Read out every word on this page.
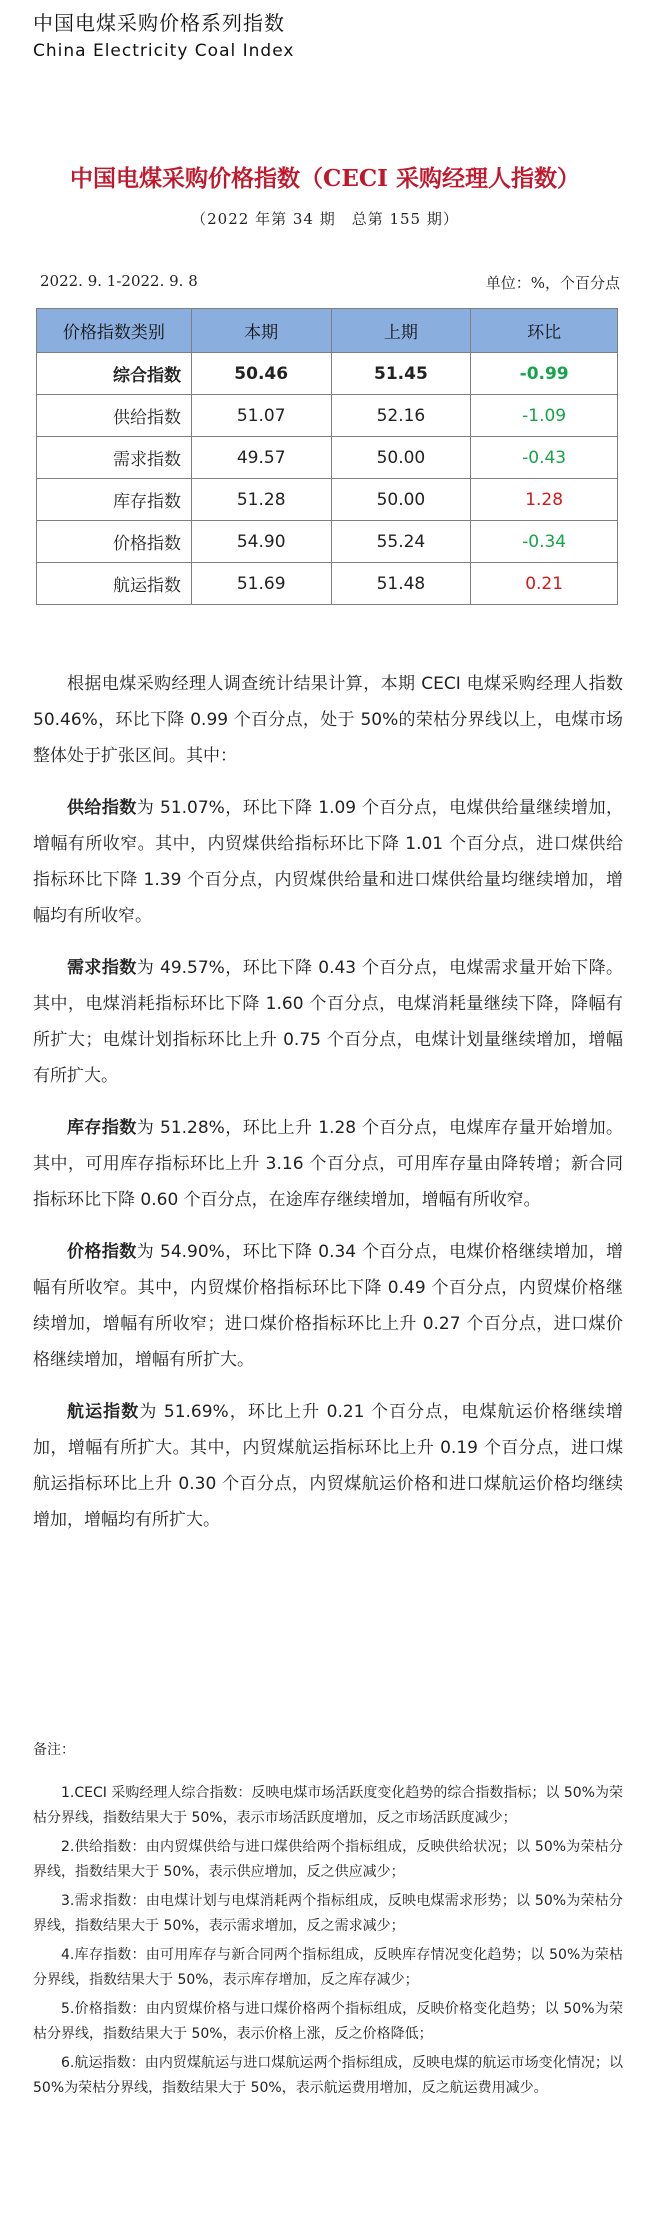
中国电煤采购价格系列指数
China Electricity Coal Index
中国电煤采购价格指数（CECI 采购经理人指数）
（2022 年第 34 期　总第 155 期）
2022. 9. 1-2022. 9. 8	单位：%，个百分点
价格指数类别	本期	上期	环比
综合指数	50.46	51.45	-0.99
供给指数	51.07	52.16	-1.09
需求指数	49.57	50.00	-0.43
库存指数	51.28	50.00	1.28
价格指数	54.90	55.24	-0.34
航运指数	51.69	51.48	0.21

根据电煤采购经理人调查统计结果计算，本期 CECI 电煤采购经理人指数 50.46%，环比下降 0.99 个百分点，处于 50%的荣枯分界线以上，电煤市场整体处于扩张区间。其中：

供给指数为 51.07%，环比下降 1.09 个百分点，电煤供给量继续增加，增幅有所收窄。其中，内贸煤供给指标环比下降 1.01 个百分点，进口煤供给指标环比下降 1.39 个百分点，内贸煤供给量和进口煤供给量均继续增加，增幅均有所收窄。

需求指数为 49.57%，环比下降 0.43 个百分点，电煤需求量开始下降。其中，电煤消耗指标环比下降 1.60 个百分点，电煤消耗量继续下降，降幅有所扩大；电煤计划指标环比上升 0.75 个百分点，电煤计划量继续增加，增幅有所扩大。

库存指数为 51.28%，环比上升 1.28 个百分点，电煤库存量开始增加。其中，可用库存指标环比上升 3.16 个百分点，可用库存量由降转增；新合同指标环比下降 0.60 个百分点，在途库存继续增加，增幅有所收窄。

价格指数为 54.90%，环比下降 0.34 个百分点，电煤价格继续增加，增幅有所收窄。其中，内贸煤价格指标环比下降 0.49 个百分点，内贸煤价格继续增加，增幅有所收窄；进口煤价格指标环比上升 0.27 个百分点，进口煤价格继续增加，增幅有所扩大。

航运指数为 51.69%，环比上升 0.21 个百分点，电煤航运价格继续增加，增幅有所扩大。其中，内贸煤航运指标环比上升 0.19 个百分点，进口煤航运指标环比上升 0.30 个百分点，内贸煤航运价格和进口煤航运价格均继续增加，增幅均有所扩大。

备注：

1.CECI 采购经理人综合指数：反映电煤市场活跃度变化趋势的综合指数指标；以 50%为荣枯分界线，指数结果大于 50%，表示市场活跃度增加，反之市场活跃度减少；

2.供给指数：由内贸煤供给与进口煤供给两个指标组成，反映供给状况；以 50%为荣枯分界线，指数结果大于 50%，表示供应增加，反之供应减少；

3.需求指数：由电煤计划与电煤消耗两个指标组成，反映电煤需求形势；以 50%为荣枯分界线，指数结果大于 50%，表示需求增加，反之需求减少；

4.库存指数：由可用库存与新合同两个指标组成，反映库存情况变化趋势；以 50%为荣枯分界线，指数结果大于 50%，表示库存增加，反之库存减少；

5.价格指数：由内贸煤价格与进口煤价格两个指标组成，反映价格变化趋势；以 50%为荣枯分界线，指数结果大于 50%，表示价格上涨，反之价格降低；

6.航运指数：由内贸煤航运与进口煤航运两个指标组成，反映电煤的航运市场变化情况；以 50%为荣枯分界线，指数结果大于 50%，表示航运费用增加，反之航运费用减少。
